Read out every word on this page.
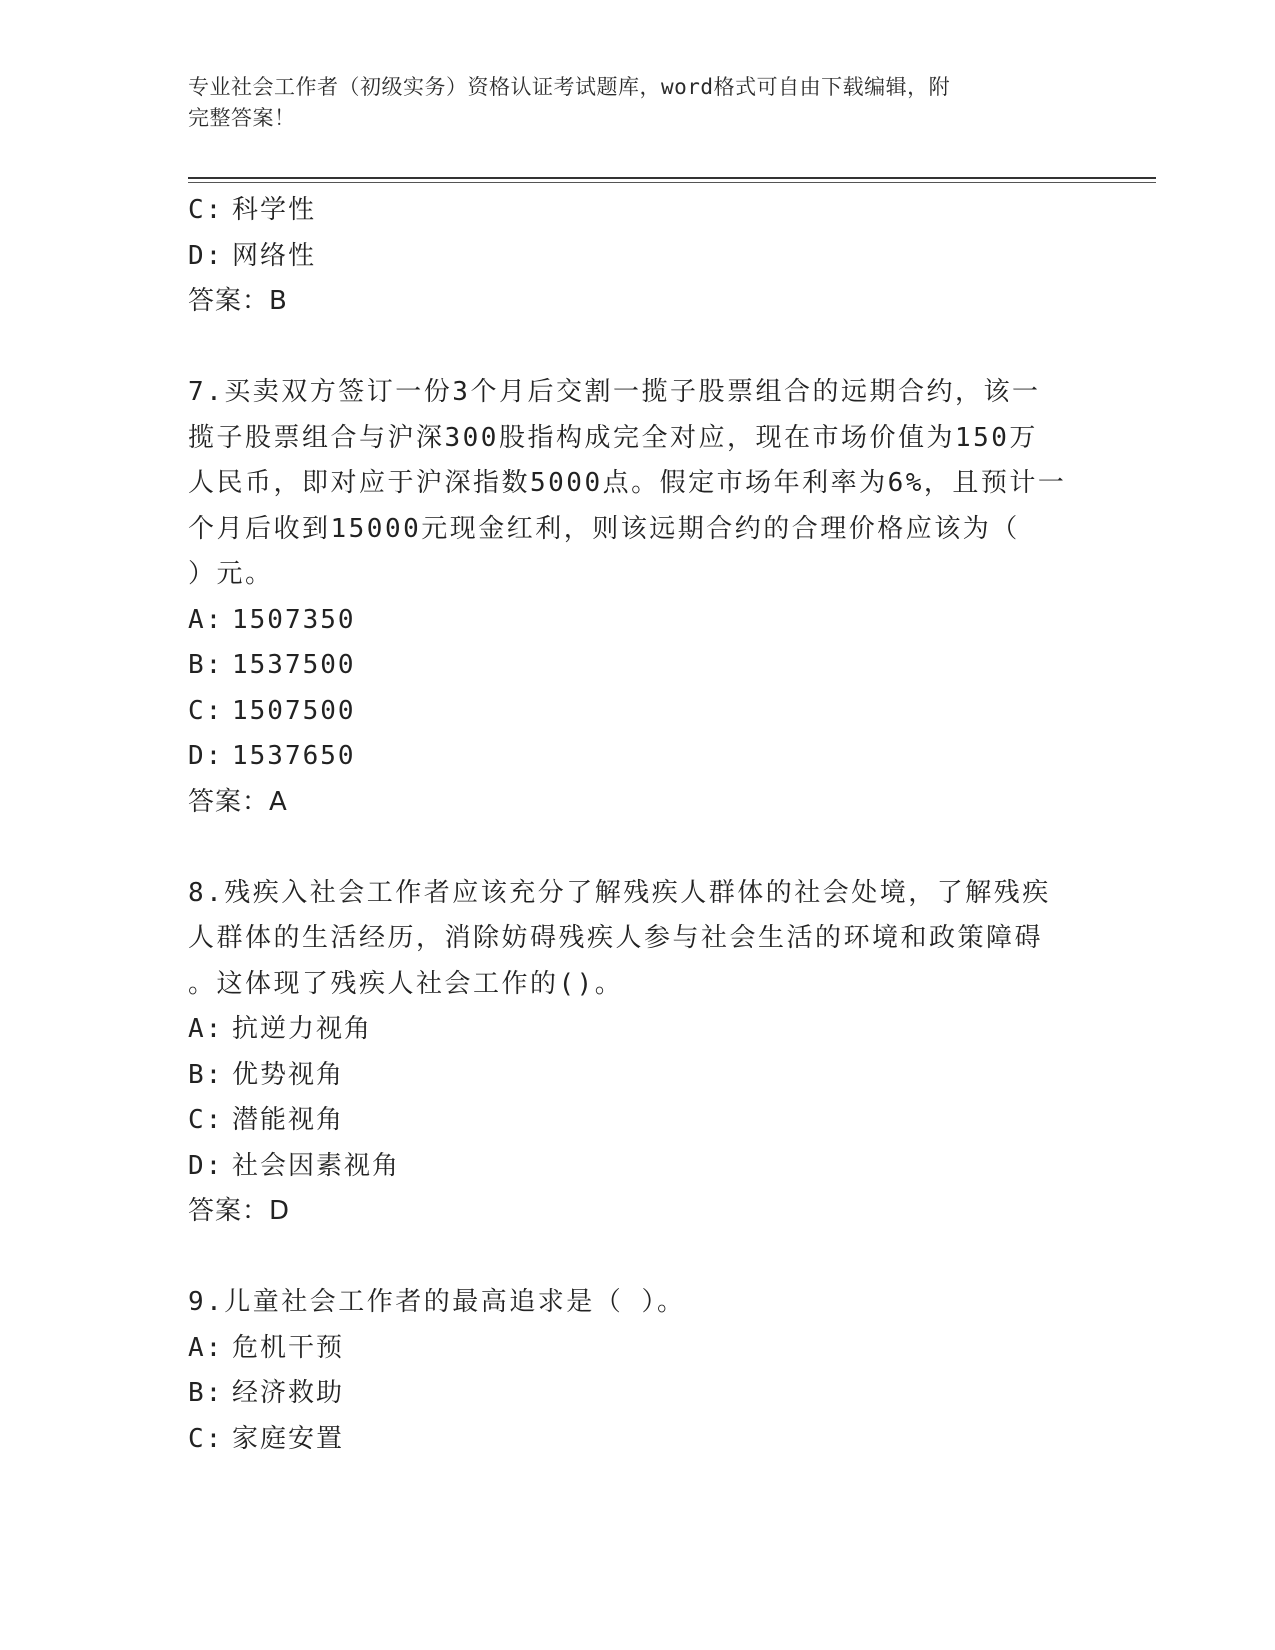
专业社会工作者（初级实务）资格认证考试题库，word格式可自由下载编辑，附
完整答案！
C: 科学性
D: 网络性
答案：B
7.买卖双方签订一份3个月后交割一揽子股票组合的远期合约，该一
揽子股票组合与沪深300股指构成完全对应，现在市场价值为150万
人民币，即对应于沪深指数5000点。假定市场年利率为6%，且预计一
个月后收到15000元现金红利，则该远期合约的合理价格应该为（
）元。
A: 1507350
B: 1537500
C: 1507500
D: 1537650
答案：A
8.残疾入社会工作者应该充分了解残疾人群体的社会处境，了解残疾
人群体的生活经历，消除妨碍残疾人参与社会生活的环境和政策障碍
。这体现了残疾人社会工作的()。
A: 抗逆力视角
B: 优势视角
C: 潜能视角
D: 社会因素视角
答案：D
9.儿童社会工作者的最高追求是（ ）。
A: 危机干预
B: 经济救助
C: 家庭安置
